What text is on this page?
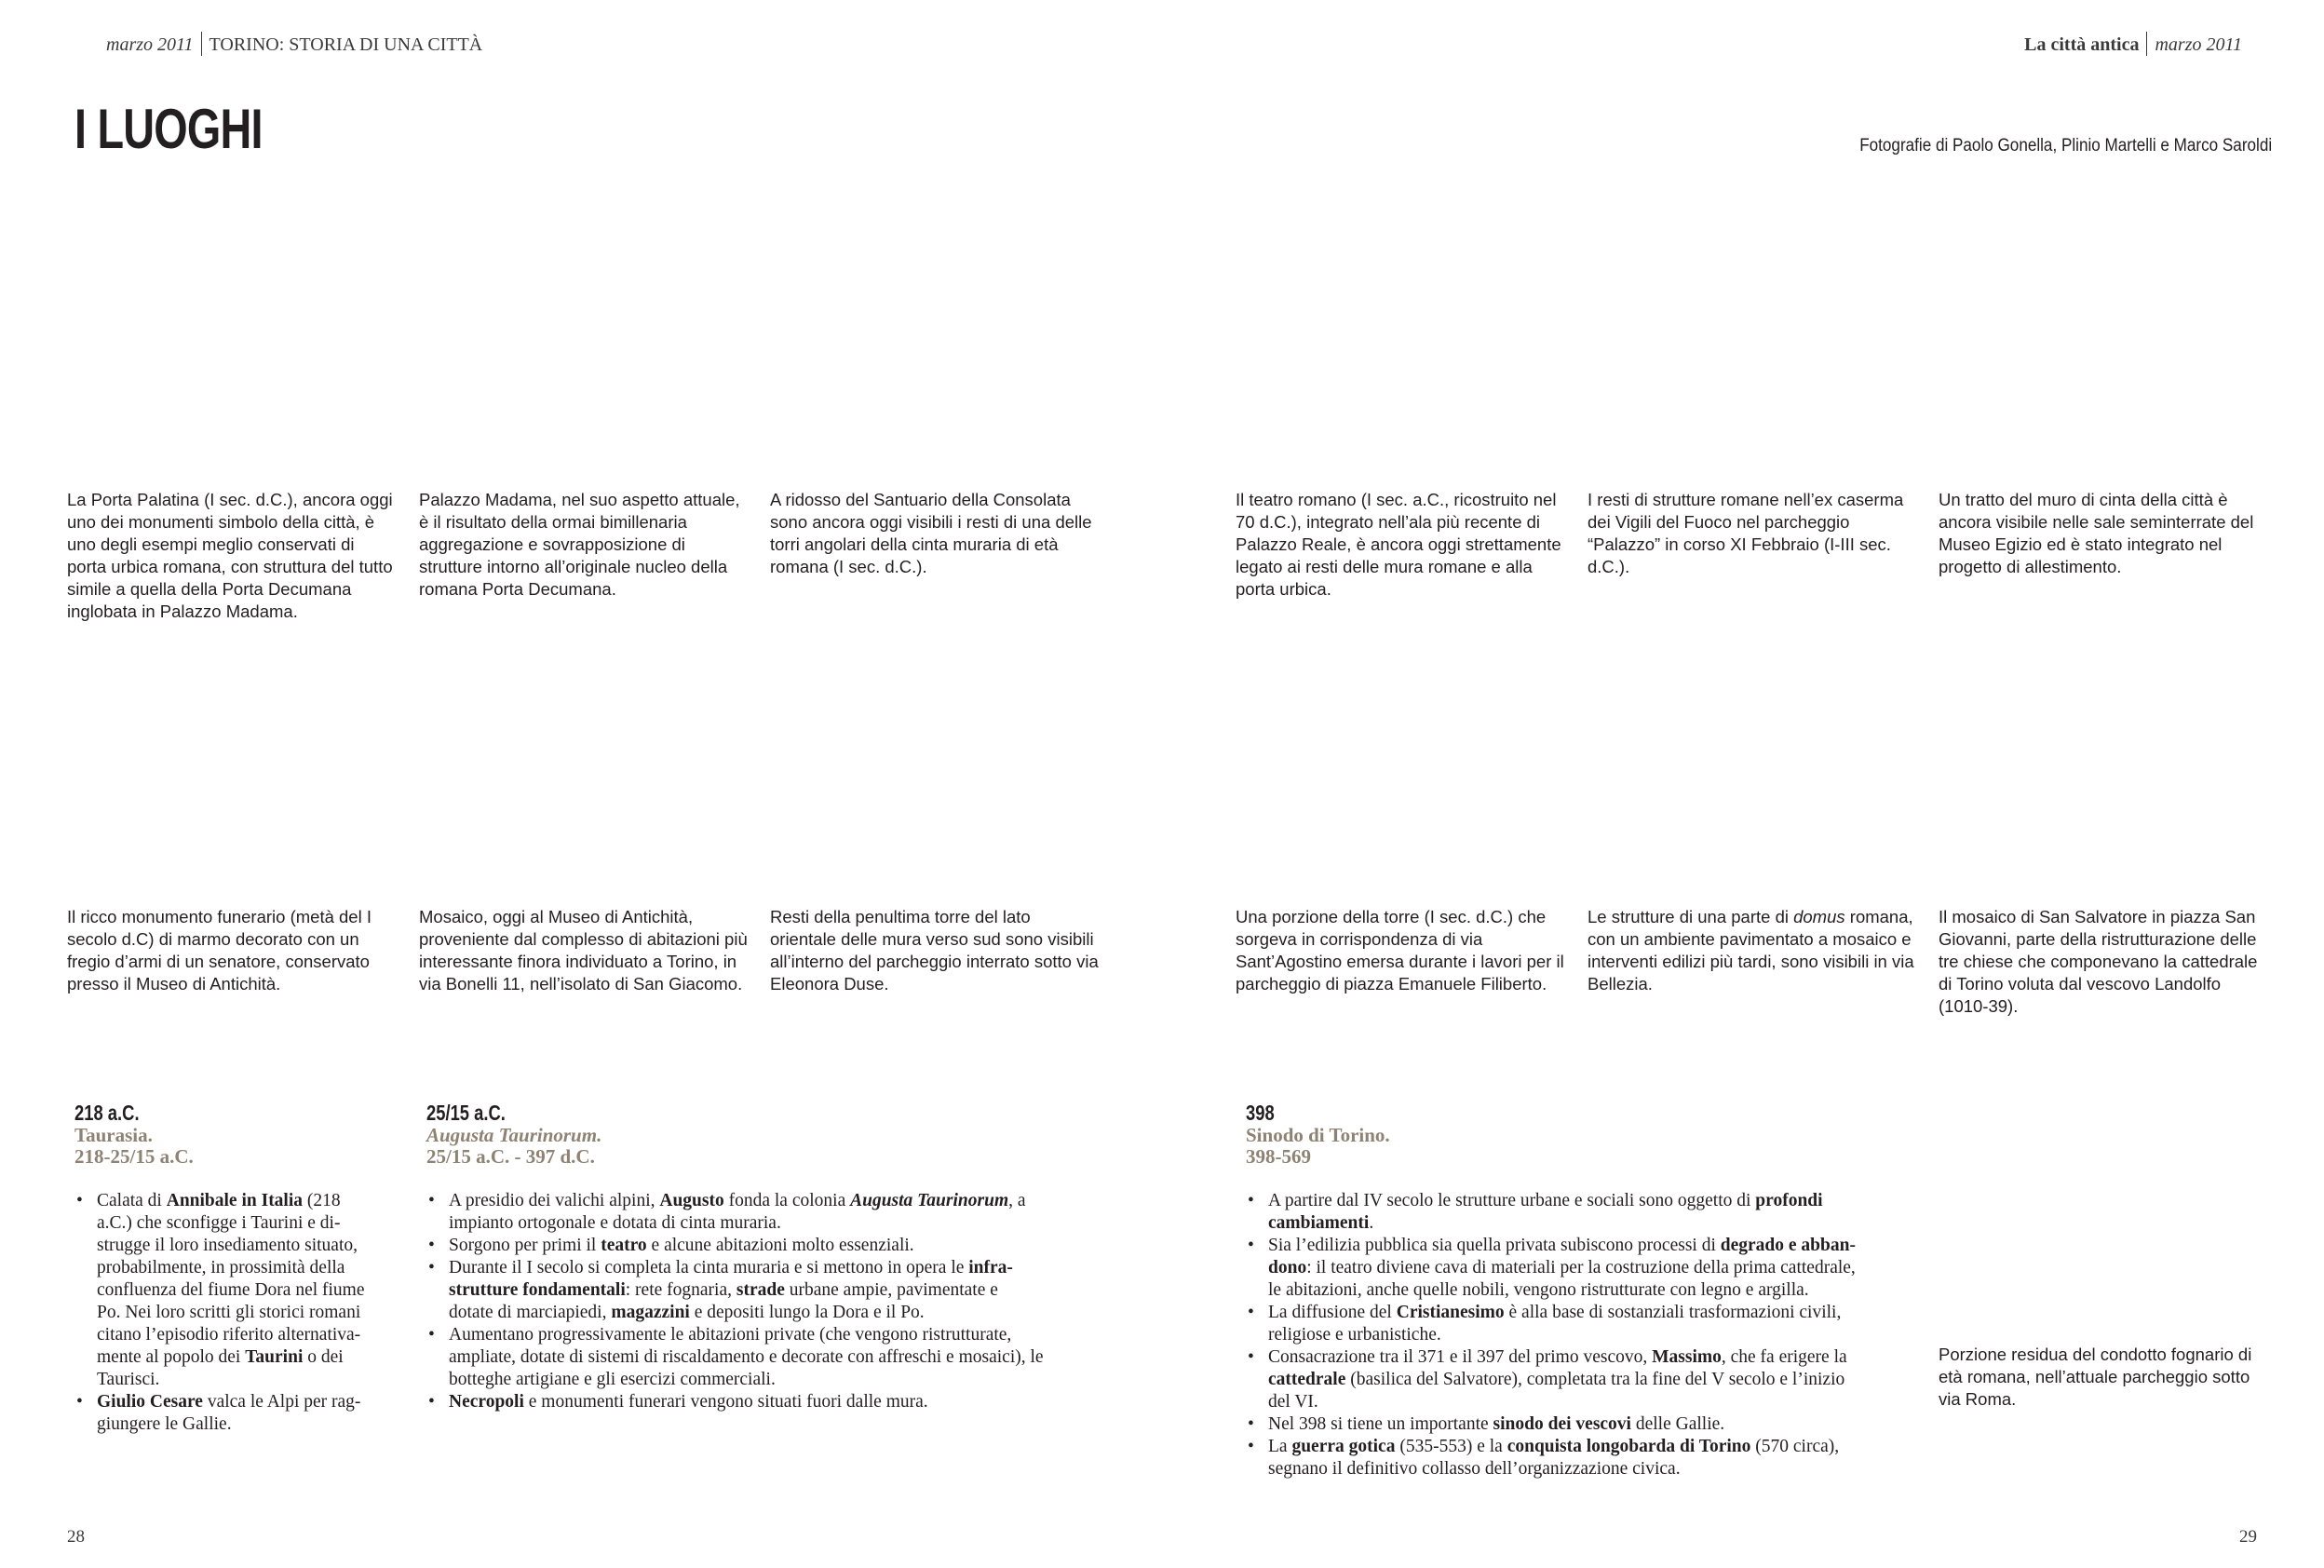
marzo 2011 TORINO: STORIA DI UNA CITTÀ	La città antica marzo 2011
I LUOGHI	Fotografie di Paolo Gonella, Plinio Martelli e Marco Saroldi
La Porta Palatina (I sec. d.C.), ancora oggi uno dei monumenti simbolo della città, è uno degli esempi meglio conservati di porta urbica romana, con struttura del tutto simile a quella della Porta Decumana inglobata in Palazzo Madama.
Palazzo Madama, nel suo aspetto attuale, è il risultato della ormai bimillenaria aggregazione e sovrapposizione di strutture intorno all’originale nucleo della romana Porta Decumana.
A ridosso del Santuario della Consolata sono ancora oggi visibili i resti di una delle torri angolari della cinta muraria di età romana (I sec. d.C.).
Il teatro romano (I sec. a.C., ricostruito nel 70 d.C.), integrato nell’ala più recente di Palazzo Reale, è ancora oggi strettamente legato ai resti delle mura romane e alla porta urbica.
I resti di strutture romane nell’ex caserma dei Vigili del Fuoco nel parcheggio “Palazzo” in corso XI Febbraio (I-III sec. d.C.).
Un tratto del muro di cinta della città è ancora visibile nelle sale seminterrate del Museo Egizio ed è stato integrato nel progetto di allestimento.
Il ricco monumento funerario (metà del I secolo d.C) di marmo decorato con un fregio d’armi di un senatore, conservato presso il Museo di Antichità.
Mosaico, oggi al Museo di Antichità, proveniente dal complesso di abitazioni più interessante finora individuato a Torino, in via Bonelli 11, nell’isolato di San Giacomo.
Resti della penultima torre del lato orientale delle mura verso sud sono visibili all’interno del parcheggio interrato sotto via Eleonora Duse.
Una porzione della torre (I sec. d.C.) che sorgeva in corrispondenza di via Sant’Agostino emersa durante i lavori per il parcheggio di piazza Emanuele Filiberto.
Le strutture di una parte di domus romana, con un ambiente pavimentato a mosaico e interventi edilizi più tardi, sono visibili in via Bellezia.
Il mosaico di San Salvatore in piazza San Giovanni, parte della ristrutturazione delle tre chiese che componevano la cattedrale di Torino voluta dal vescovo Landolfo (1010-39).
218 a.C.
Taurasia.
218-25/15 a.C.
• Calata di Annibale in Italia (218
a.C.) che sconfigge i Taurini e di-
strugge il loro insediamento situato,
probabilmente, in prossimità della
confluenza del fiume Dora nel fiume
Po. Nei loro scritti gli storici romani
citano l’episodio riferito alternativa-
mente al popolo dei Taurini o dei
Taurisci.
• Giulio Cesare valca le Alpi per rag-
giungere le Gallie.
25/15 a.C.
Augusta Taurinorum.
25/15 a.C. - 397 d.C.
• A presidio dei valichi alpini, Augusto fonda la colonia Augusta Taurinorum, a
impianto ortogonale e dotata di cinta muraria.
• Sorgono per primi il teatro e alcune abitazioni molto essenziali.
• Durante il I secolo si completa la cinta muraria e si mettono in opera le infra-
strutture fondamentali: rete fognaria, strade urbane ampie, pavimentate e
dotate di marciapiedi, magazzini e depositi lungo la Dora e il Po.
• Aumentano progressivamente le abitazioni private (che vengono ristrutturate,
ampliate, dotate di sistemi di riscaldamento e decorate con affreschi e mosaici), le
botteghe artigiane e gli esercizi commerciali.
• Necropoli e monumenti funerari vengono situati fuori dalle mura.
398
Sinodo di Torino.
398-569
• A partire dal IV secolo le strutture urbane e sociali sono oggetto di profondi
cambiamenti.
• Sia l’edilizia pubblica sia quella privata subiscono processi di degrado e abban-
dono: il teatro diviene cava di materiali per la costruzione della prima cattedrale,
le abitazioni, anche quelle nobili, vengono ristrutturate con legno e argilla.
• La diffusione del Cristianesimo è alla base di sostanziali trasformazioni civili,
religiose e urbanistiche.
• Consacrazione tra il 371 e il 397 del primo vescovo, Massimo, che fa erigere la
cattedrale (basilica del Salvatore), completata tra la fine del V secolo e l’inizio
del VI.
• Nel 398 si tiene un importante sinodo dei vescovi delle Gallie.
• La guerra gotica (535-553) e la conquista longobarda di Torino (570 circa),
segnano il definitivo collasso dell’organizzazione civica.
Porzione residua del condotto fognario di età romana, nell’attuale parcheggio sotto via Roma.
28	29
